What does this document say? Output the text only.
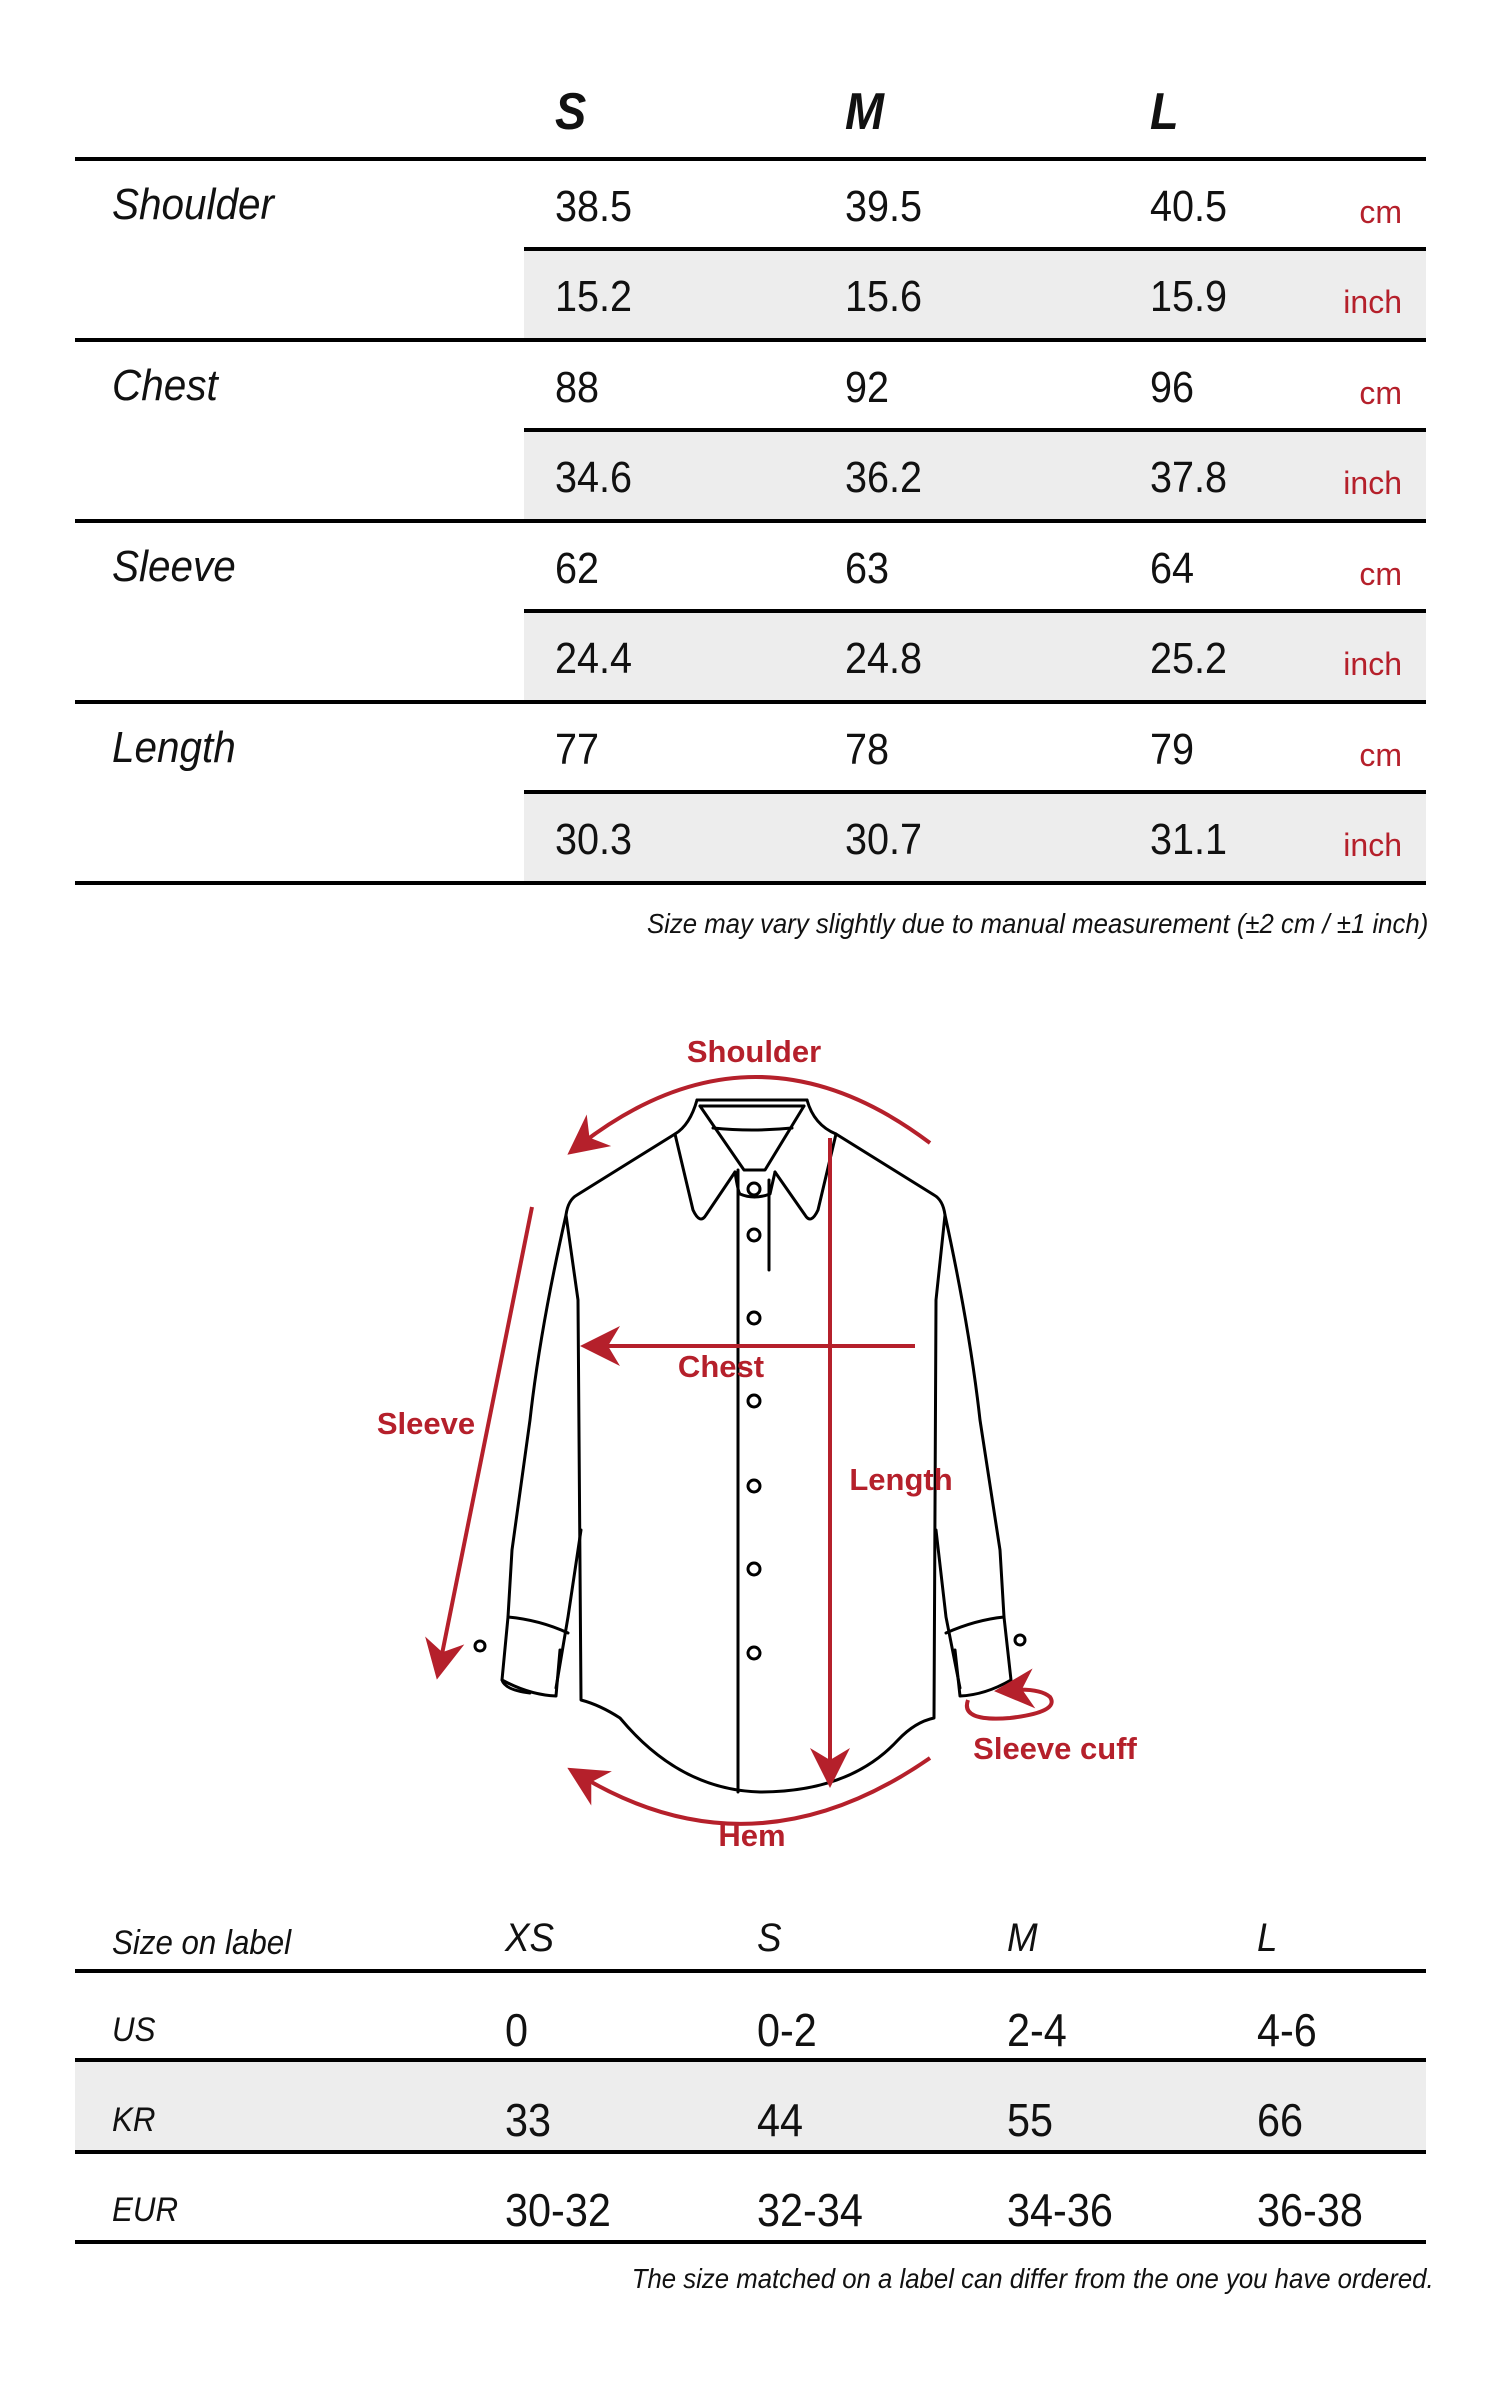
S	M	L
Shoulder	38.5	39.5	40.5	cm
15.2	15.6	15.9	inch
Chest	88	92	96	cm
34.6	36.2	37.8	inch
Sleeve	62	63	64	cm
24.4	24.8	25.2	inch
Length	77	78	79	cm
30.3	30.7	31.1	inch
Size may vary slightly due to manual measurement (±2 cm / ±1 inch)
Shoulder
Chest
Sleeve
Length
Hem
Sleeve cuff
Size on label	XS	S	M	L
US	0	0-2	2-4	4-6
KR	33	44	55	66
EUR	30-32	32-34	34-36	36-38
The size matched on a label can differ from the one you have ordered.
